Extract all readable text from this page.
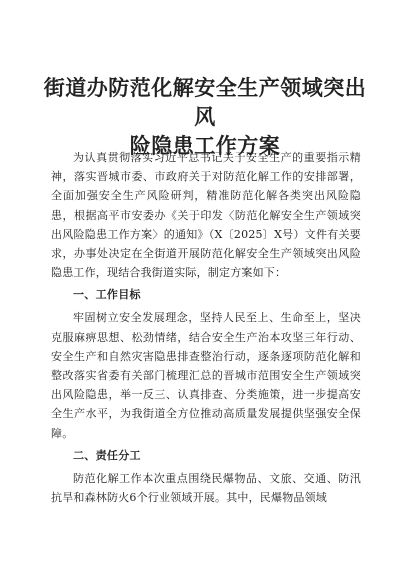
街道办防范化解安全生产领域突出风
险隐患工作方案

为认真贯彻落实习近平总书记关于安全生产的重要指示精神，落实晋城市委、市政府关于对防范化解工作的安排部署，全面加强安全生产风险研判，精准防范化解各类突出风险隐患，根据高平市安委办《关于印发〈防范化解安全生产领域突出风险隐患工作方案〉的通知》（X〔2025〕X号）文件有关要求，办事处决定在全街道开展防范化解安全生产领域突出风险隐患工作，现结合我街道实际，制定方案如下：

一、工作目标

牢固树立安全发展理念，坚持人民至上、生命至上，坚决克服麻痹思想、松劲情绪，结合安全生产治本攻坚三年行动、安全生产和自然灾害隐患排查整治行动，逐条逐项防范化解和整改落实省委有关部门梳理汇总的晋城市范围安全生产领域突出风险隐患，举一反三、认真排查、分类施策，进一步提高安全生产水平，为我街道全方位推动高质量发展提供坚强安全保障。

二、责任分工

防范化解工作本次重点围绕民爆物品、文旅、交通、防汛抗旱和森林防火6个行业领域开展。其中，民爆物品领域
